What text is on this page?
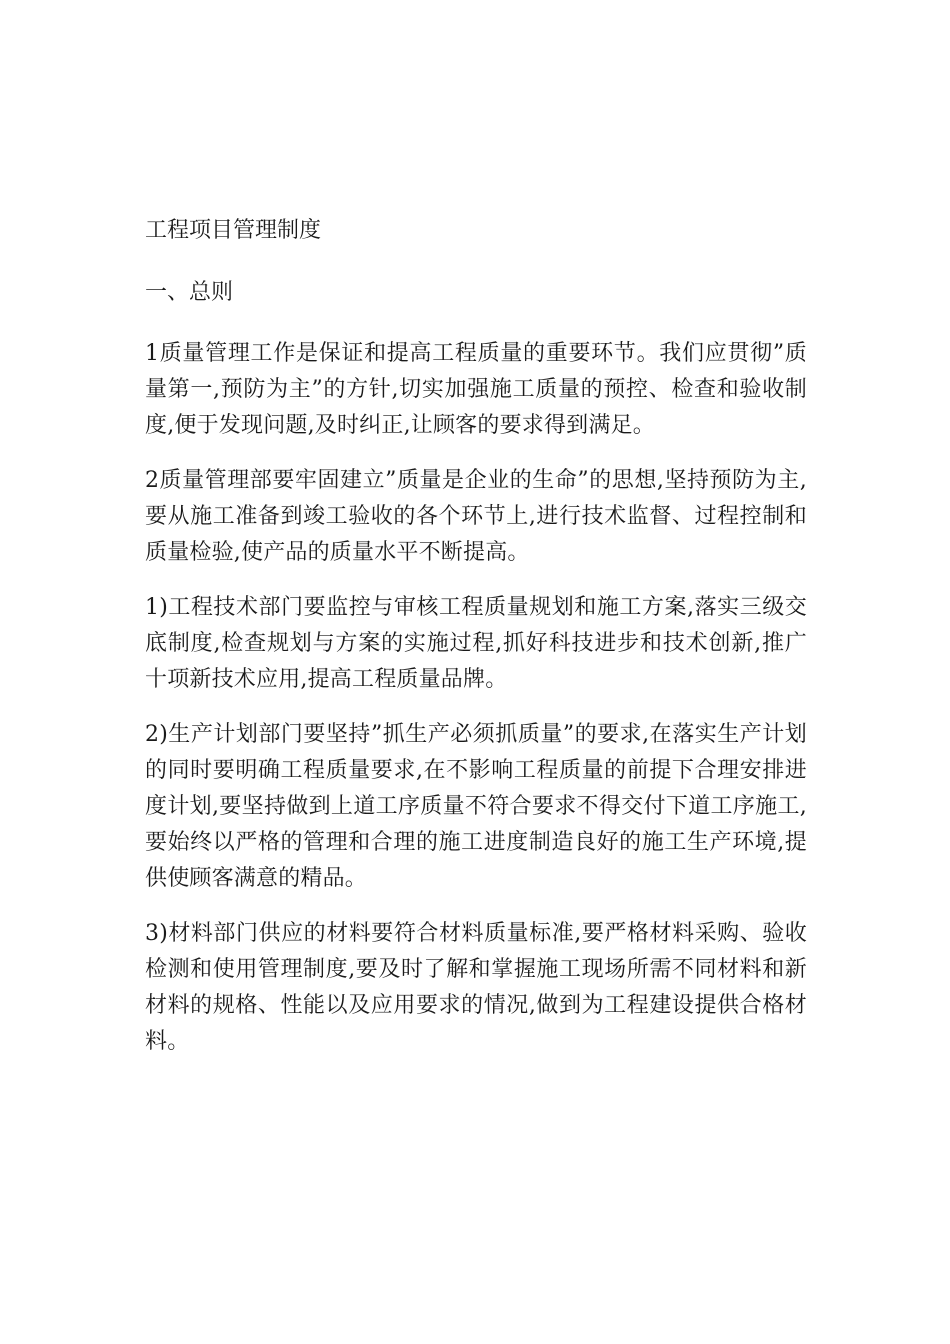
工程项目管理制度
一、总则

1质量管理工作是保证和提高工程质量的重要环节。我们应贯彻”质量第一,预防为主”的方针,切实加强施工质量的预控、检查和验收制度,便于发现问题,及时纠正,让顾客的要求得到满足。

2质量管理部要牢固建立”质量是企业的生命”的思想,坚持预防为主,要从施工准备到竣工验收的各个环节上,进行技术监督、过程控制和质量检验,使产品的质量水平不断提高。

1)工程技术部门要监控与审核工程质量规划和施工方案,落实三级交底制度,检查规划与方案的实施过程,抓好科技进步和技术创新,推广十项新技术应用,提高工程质量品牌。

2)生产计划部门要坚持”抓生产必须抓质量”的要求,在落实生产计划的同时要明确工程质量要求,在不影响工程质量的前提下合理安排进度计划,要坚持做到上道工序质量不符合要求不得交付下道工序施工,要始终以严格的管理和合理的施工进度制造良好的施工生产环境,提供使顾客满意的精品。

3)材料部门供应的材料要符合材料质量标准,要严格材料采购、验收检测和使用管理制度,要及时了解和掌握施工现场所需不同材料和新材料的规格、性能以及应用要求的情况,做到为工程建设提供合格材料。
